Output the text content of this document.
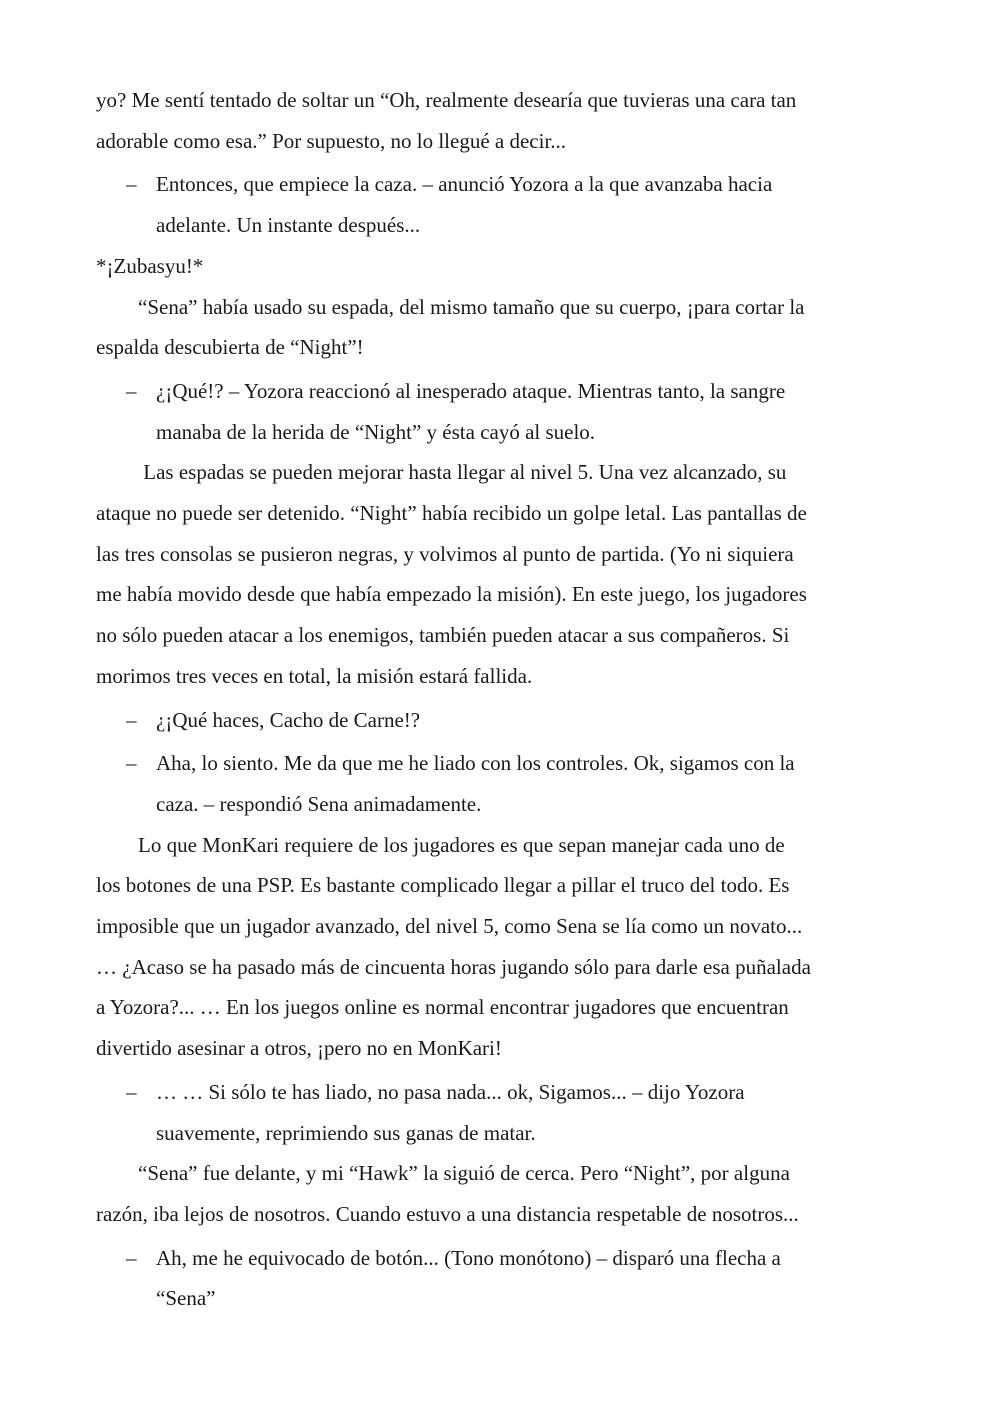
yo? Me sentí tentado de soltar un “Oh, realmente desearía que tuvieras una cara tan
adorable como esa.” Por supuesto, no lo llegué a decir...
– Entonces, que empiece la caza. – anunció Yozora a la que avanzaba hacia
adelante. Un instante después...
*¡Zubasyu!*
“Sena” había usado su espada, del mismo tamaño que su cuerpo, ¡para cortar la
espalda descubierta de “Night”!
– ¿¡Qué!? – Yozora reaccionó al inesperado ataque. Mientras tanto, la sangre
manaba de la herida de “Night” y ésta cayó al suelo.
Las espadas se pueden mejorar hasta llegar al nivel 5. Una vez alcanzado, su
ataque no puede ser detenido. “Night” había recibido un golpe letal. Las pantallas de
las tres consolas se pusieron negras, y volvimos al punto de partida. (Yo ni siquiera
me había movido desde que había empezado la misión). En este juego, los jugadores
no sólo pueden atacar a los enemigos, también pueden atacar a sus compañeros. Si
morimos tres veces en total, la misión estará fallida.
– ¿¡Qué haces, Cacho de Carne!?
– Aha, lo siento. Me da que me he liado con los controles. Ok, sigamos con la
caza. – respondió Sena animadamente.
Lo que MonKari requiere de los jugadores es que sepan manejar cada uno de
los botones de una PSP. Es bastante complicado llegar a pillar el truco del todo. Es
imposible que un jugador avanzado, del nivel 5, como Sena se lía como un novato...
… ¿Acaso se ha pasado más de cincuenta horas jugando sólo para darle esa puñalada
a Yozora?... … En los juegos online es normal encontrar jugadores que encuentran
divertido asesinar a otros, ¡pero no en MonKari!
– … … Si sólo te has liado, no pasa nada... ok, Sigamos... – dijo Yozora
suavemente, reprimiendo sus ganas de matar.
“Sena” fue delante, y mi “Hawk” la siguió de cerca. Pero “Night”, por alguna
razón, iba lejos de nosotros. Cuando estuvo a una distancia respetable de nosotros...
– Ah, me he equivocado de botón... (Tono monótono) – disparó una flecha a
“Sena”
